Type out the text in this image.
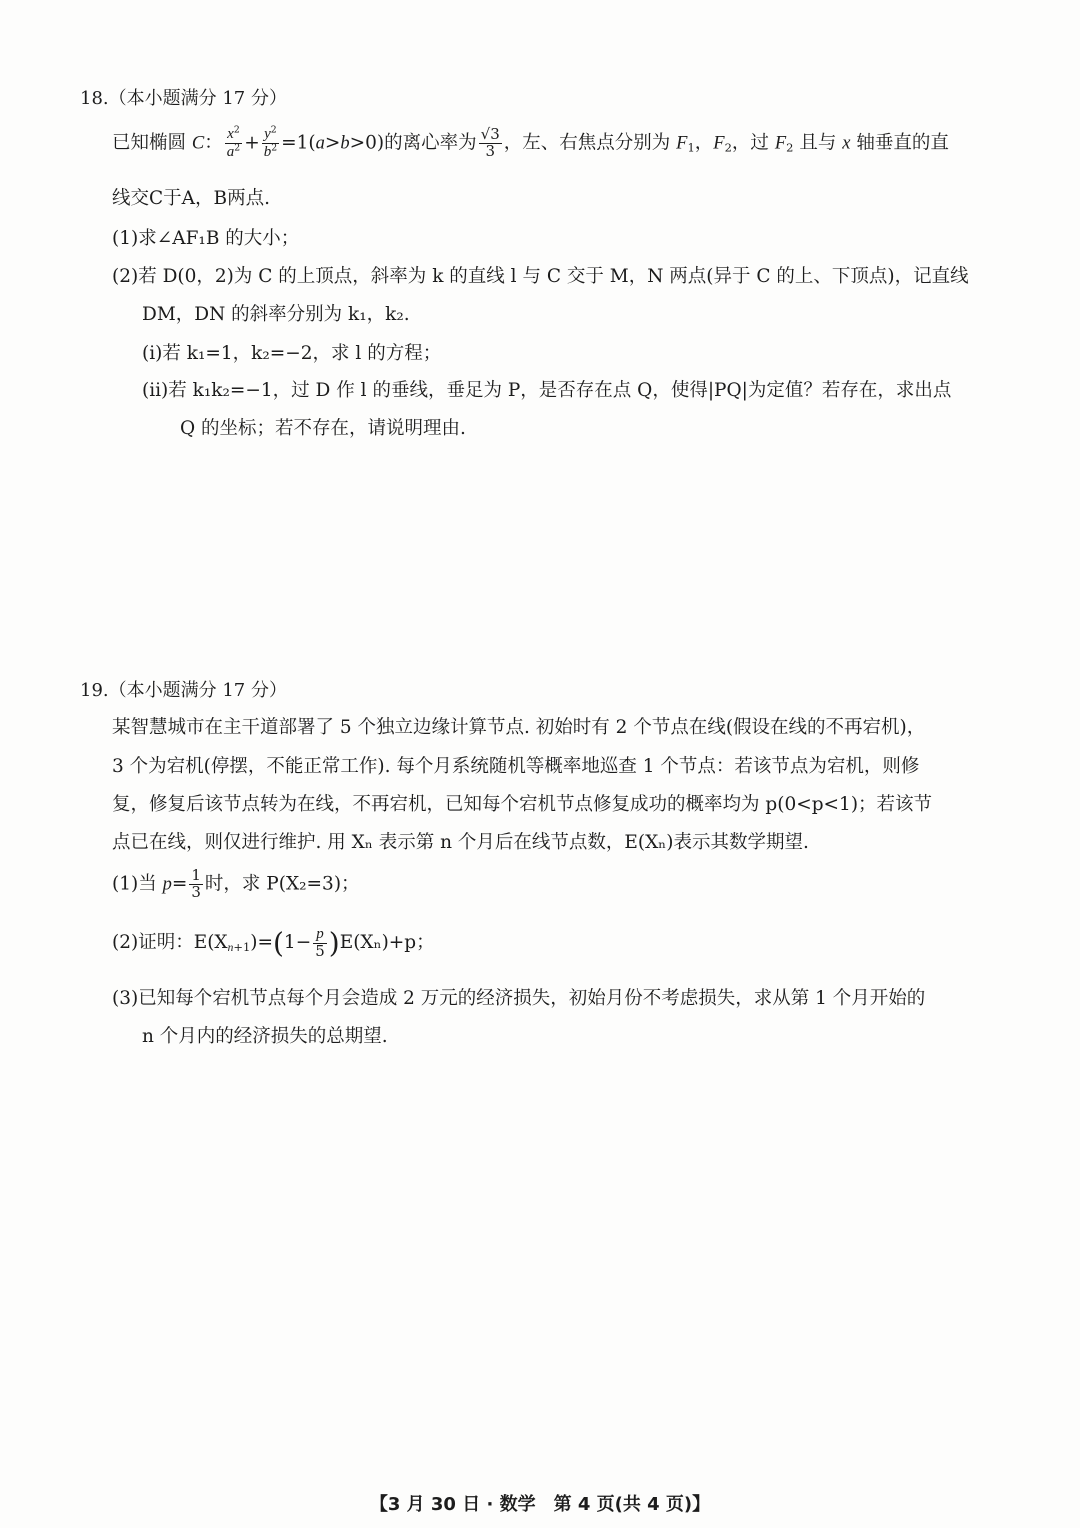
18.（本小题满分 17 分）
已知椭圆 C： $\frac{x^2}{a^2} + \frac{y^2}{b^2} =1(a>b>0)$的离心率为 $\frac{√3}{3}$ ，左、右焦点分别为 $F_1$，$F_2$，过 $F_2$ 且与 x 轴垂直的直
线交C于A，B两点.
(1)求∠AF₁B 的大小；
(2)若 D(0，2)为 C 的上顶点，斜率为 k 的直线 l 与 C 交于 M，N 两点(异于 C 的上、下顶点)，记直线
DM，DN 的斜率分别为 k₁，k₂.
(ⅰ)若 k₁=1，k₂=−2，求 l 的方程；
(ⅱ)若 k₁k₂=−1，过 D 作 l 的垂线，垂足为 P，是否存在点 Q，使得|PQ|为定值？若存在，求出点
Q 的坐标；若不存在，请说明理由.
19.（本小题满分 17 分）
某智慧城市在主干道部署了 5 个独立边缘计算节点. 初始时有 2 个节点在线(假设在线的不再宕机)，
3 个为宕机(停摆，不能正常工作). 每个月系统随机等概率地巡查 1 个节点：若该节点为宕机，则修
复，修复后该节点转为在线，不再宕机，已知每个宕机节点修复成功的概率均为 p(0<p<1)；若该节
点已在线，则仅进行维护. 用 Xₙ 表示第 n 个月后在线节点数，E(Xₙ)表示其数学期望.
(1)当 $p= \frac{1}{3}$ 时，求 P(X₂=3)；
(2)证明：$E(X_{n+1})=(1- \frac{p}{5} )E(X_n)+p$；
(3)已知每个宕机节点每个月会造成 2 万元的经济损失，初始月份不考虑损失，求从第 1 个月开始的
n 个月内的经济损失的总期望.
【3 月 30 日 · 数学　第 4 页(共 4 页)】
